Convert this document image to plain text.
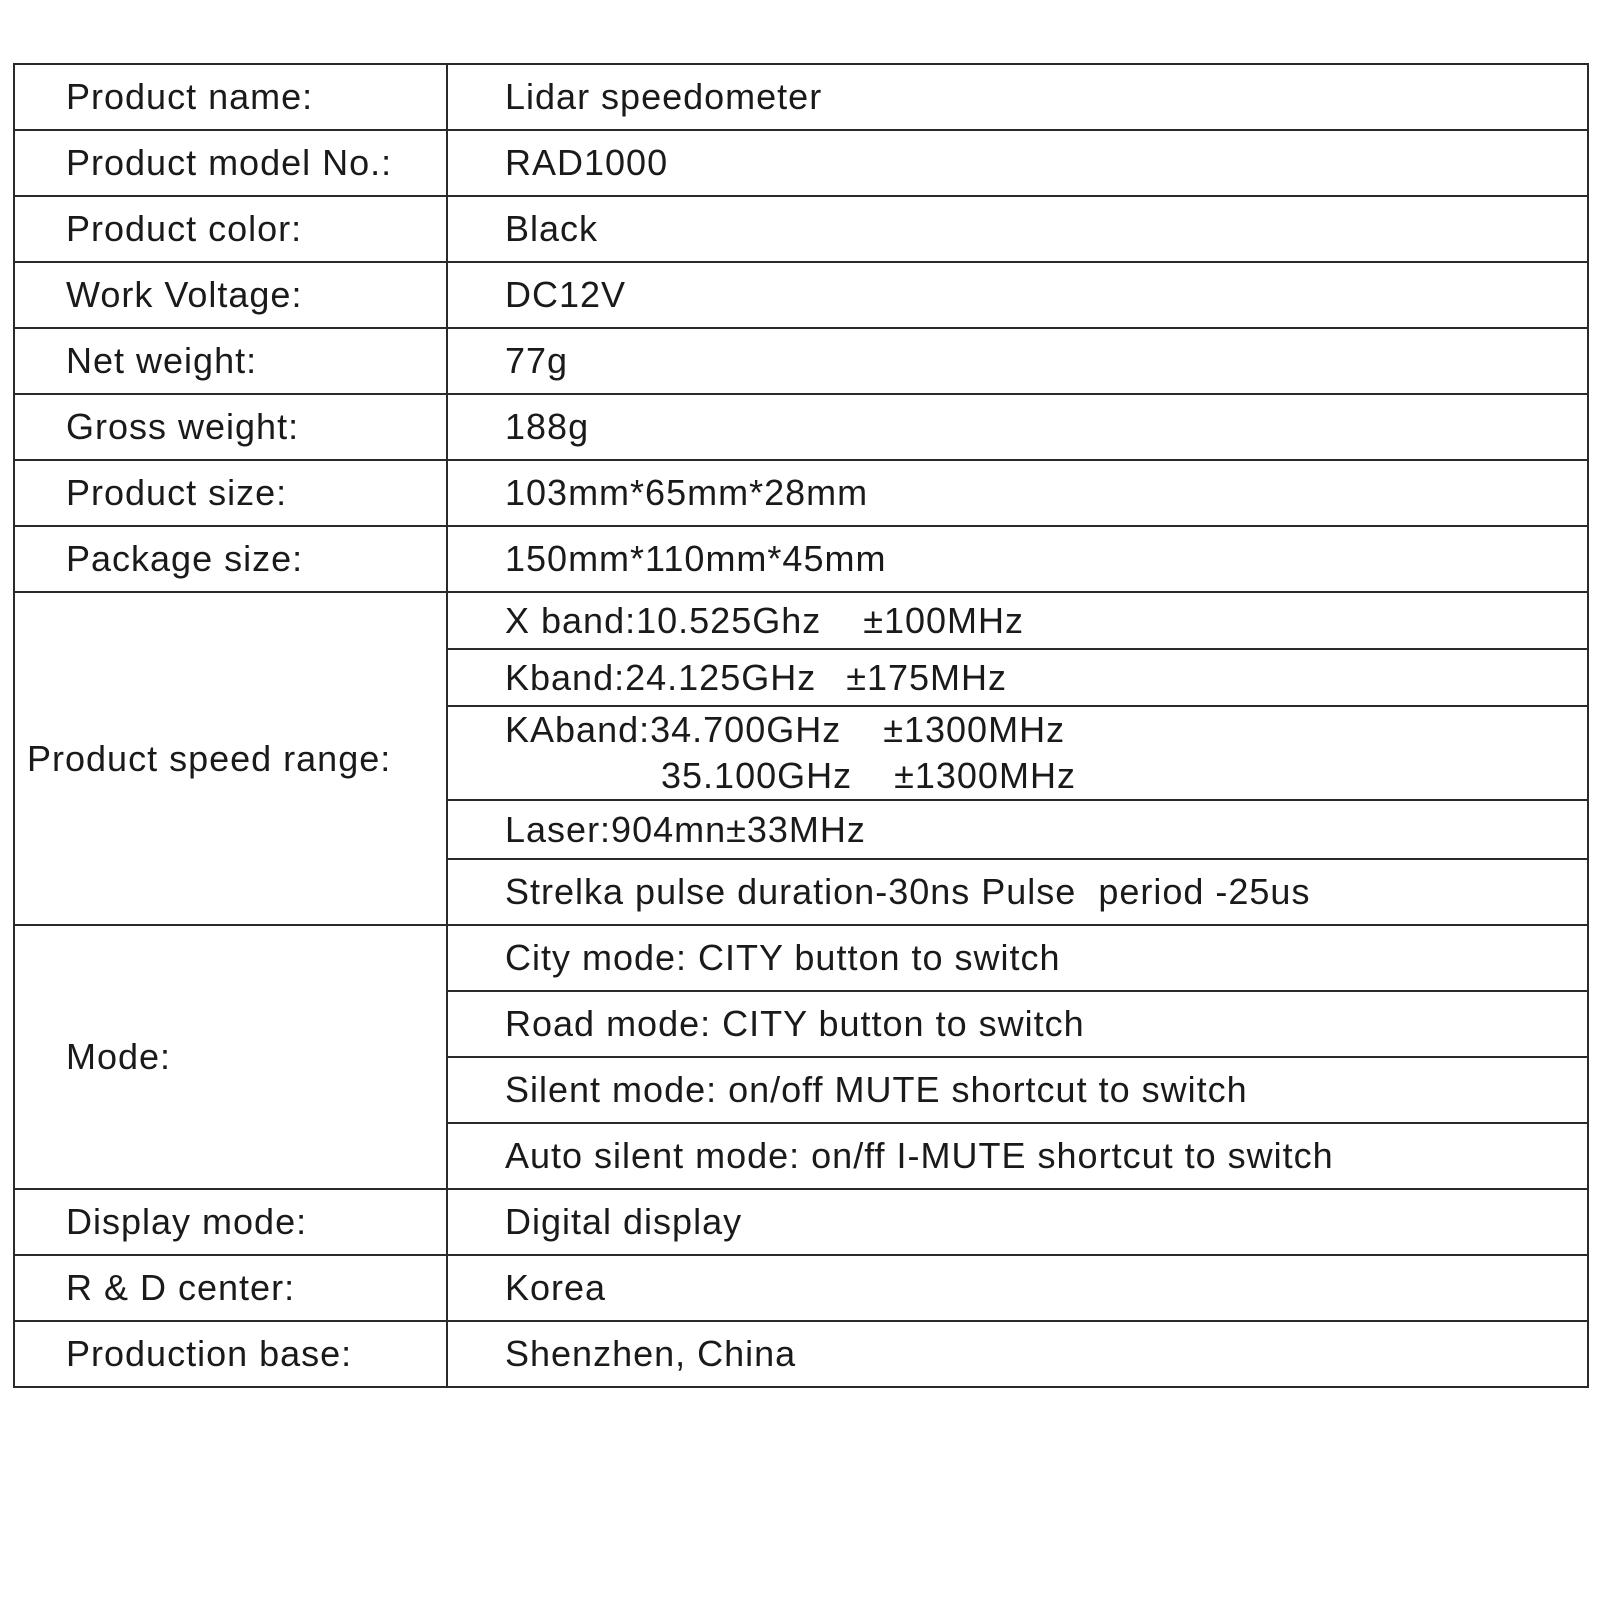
Product name:	Lidar speedometer
Product model No.:	RAD1000
Product color:	Black
Work Voltage:	DC12V
Net weight:	77g
Gross weight:	188g
Product size:	103mm*65mm*28mm
Package size:	150mm*110mm*45mm
Product speed range:	X band:10.525Ghz ±100MHz
	Kband:24.125GHz ±175MHz

	KAband:34.700GHz ±1300MHz
35.100GHz ±1300MHz

	Laser:904mn±33MHz
	Strelka pulse duration-30ns Pulse  period -25us
Mode:	City mode: CITY button to switch
	Road mode: CITY button to switch
	Silent mode: on/off MUTE shortcut to switch
	Auto silent mode: on/ff I-MUTE shortcut to switch
Display mode:	Digital display
R & D center:	Korea
Production base:	Shenzhen, China
